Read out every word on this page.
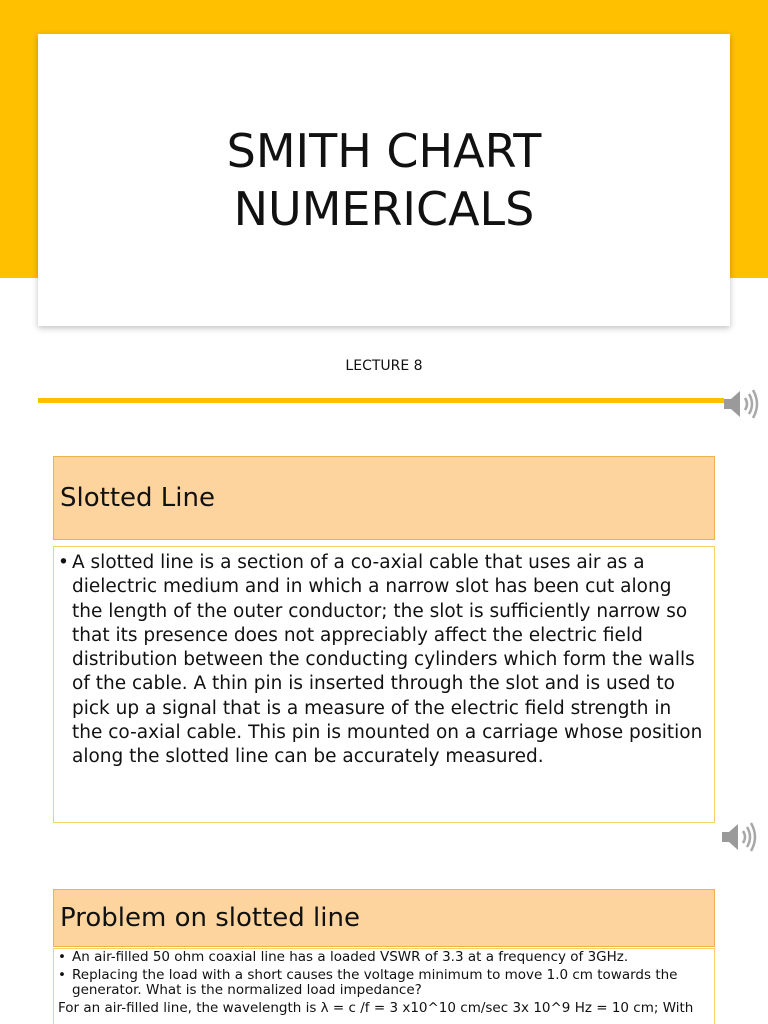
SMITH CHART
NUMERICALS
LECTURE 8
Slotted Line
• A slotted line is a section of a co-axial cable that uses air as a dielectric medium and in which a narrow slot has been cut along the length of the outer conductor; the slot is sufficiently narrow so that its presence does not appreciably affect the electric field distribution between the conducting cylinders which form the walls of the cable. A thin pin is inserted through the slot and is used to pick up a signal that is a measure of the electric field strength in the co-axial cable. This pin is mounted on a carriage whose position along the slotted line can be accurately measured.
Problem on slotted line
• An air-filled 50 ohm coaxial line has a loaded VSWR of 3.3 at a frequency of 3GHz.
• Replacing the load with a short causes the voltage minimum to move 1.0 cm towards the generator. What is the normalized load impedance?
For an air-filled line, the wavelength is λ = c /f = 3 x10^10 cm/sec 3x 10^9 Hz = 10 cm; With
